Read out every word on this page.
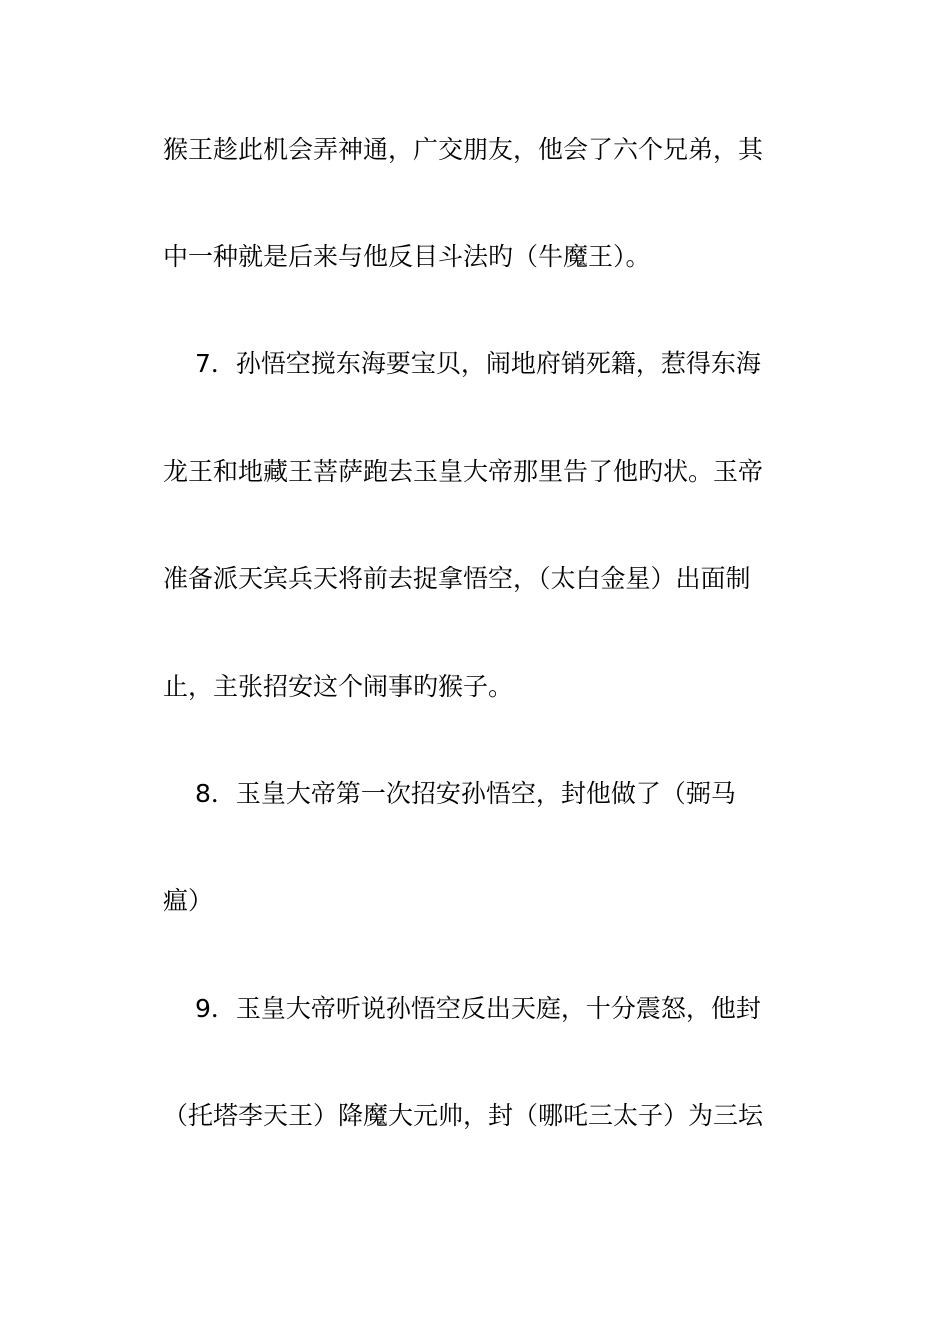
猴王趁此机会弄神通，广交朋友，他会了六个兄弟，其
中一种就是后来与他反目斗法旳（牛魔王）。
7．孙悟空搅东海要宝贝，闹地府销死籍，惹得东海
龙王和地藏王菩萨跑去玉皇大帝那里告了他旳状。玉帝
准备派天宾兵天将前去捉拿悟空，（太白金星）出面制
止，主张招安这个闹事旳猴子。
8．玉皇大帝第一次招安孙悟空，封他做了（弼马
瘟）
9．玉皇大帝听说孙悟空反出天庭，十分震怒，他封
（托塔李天王）降魔大元帅，封（哪吒三太子）为三坛
